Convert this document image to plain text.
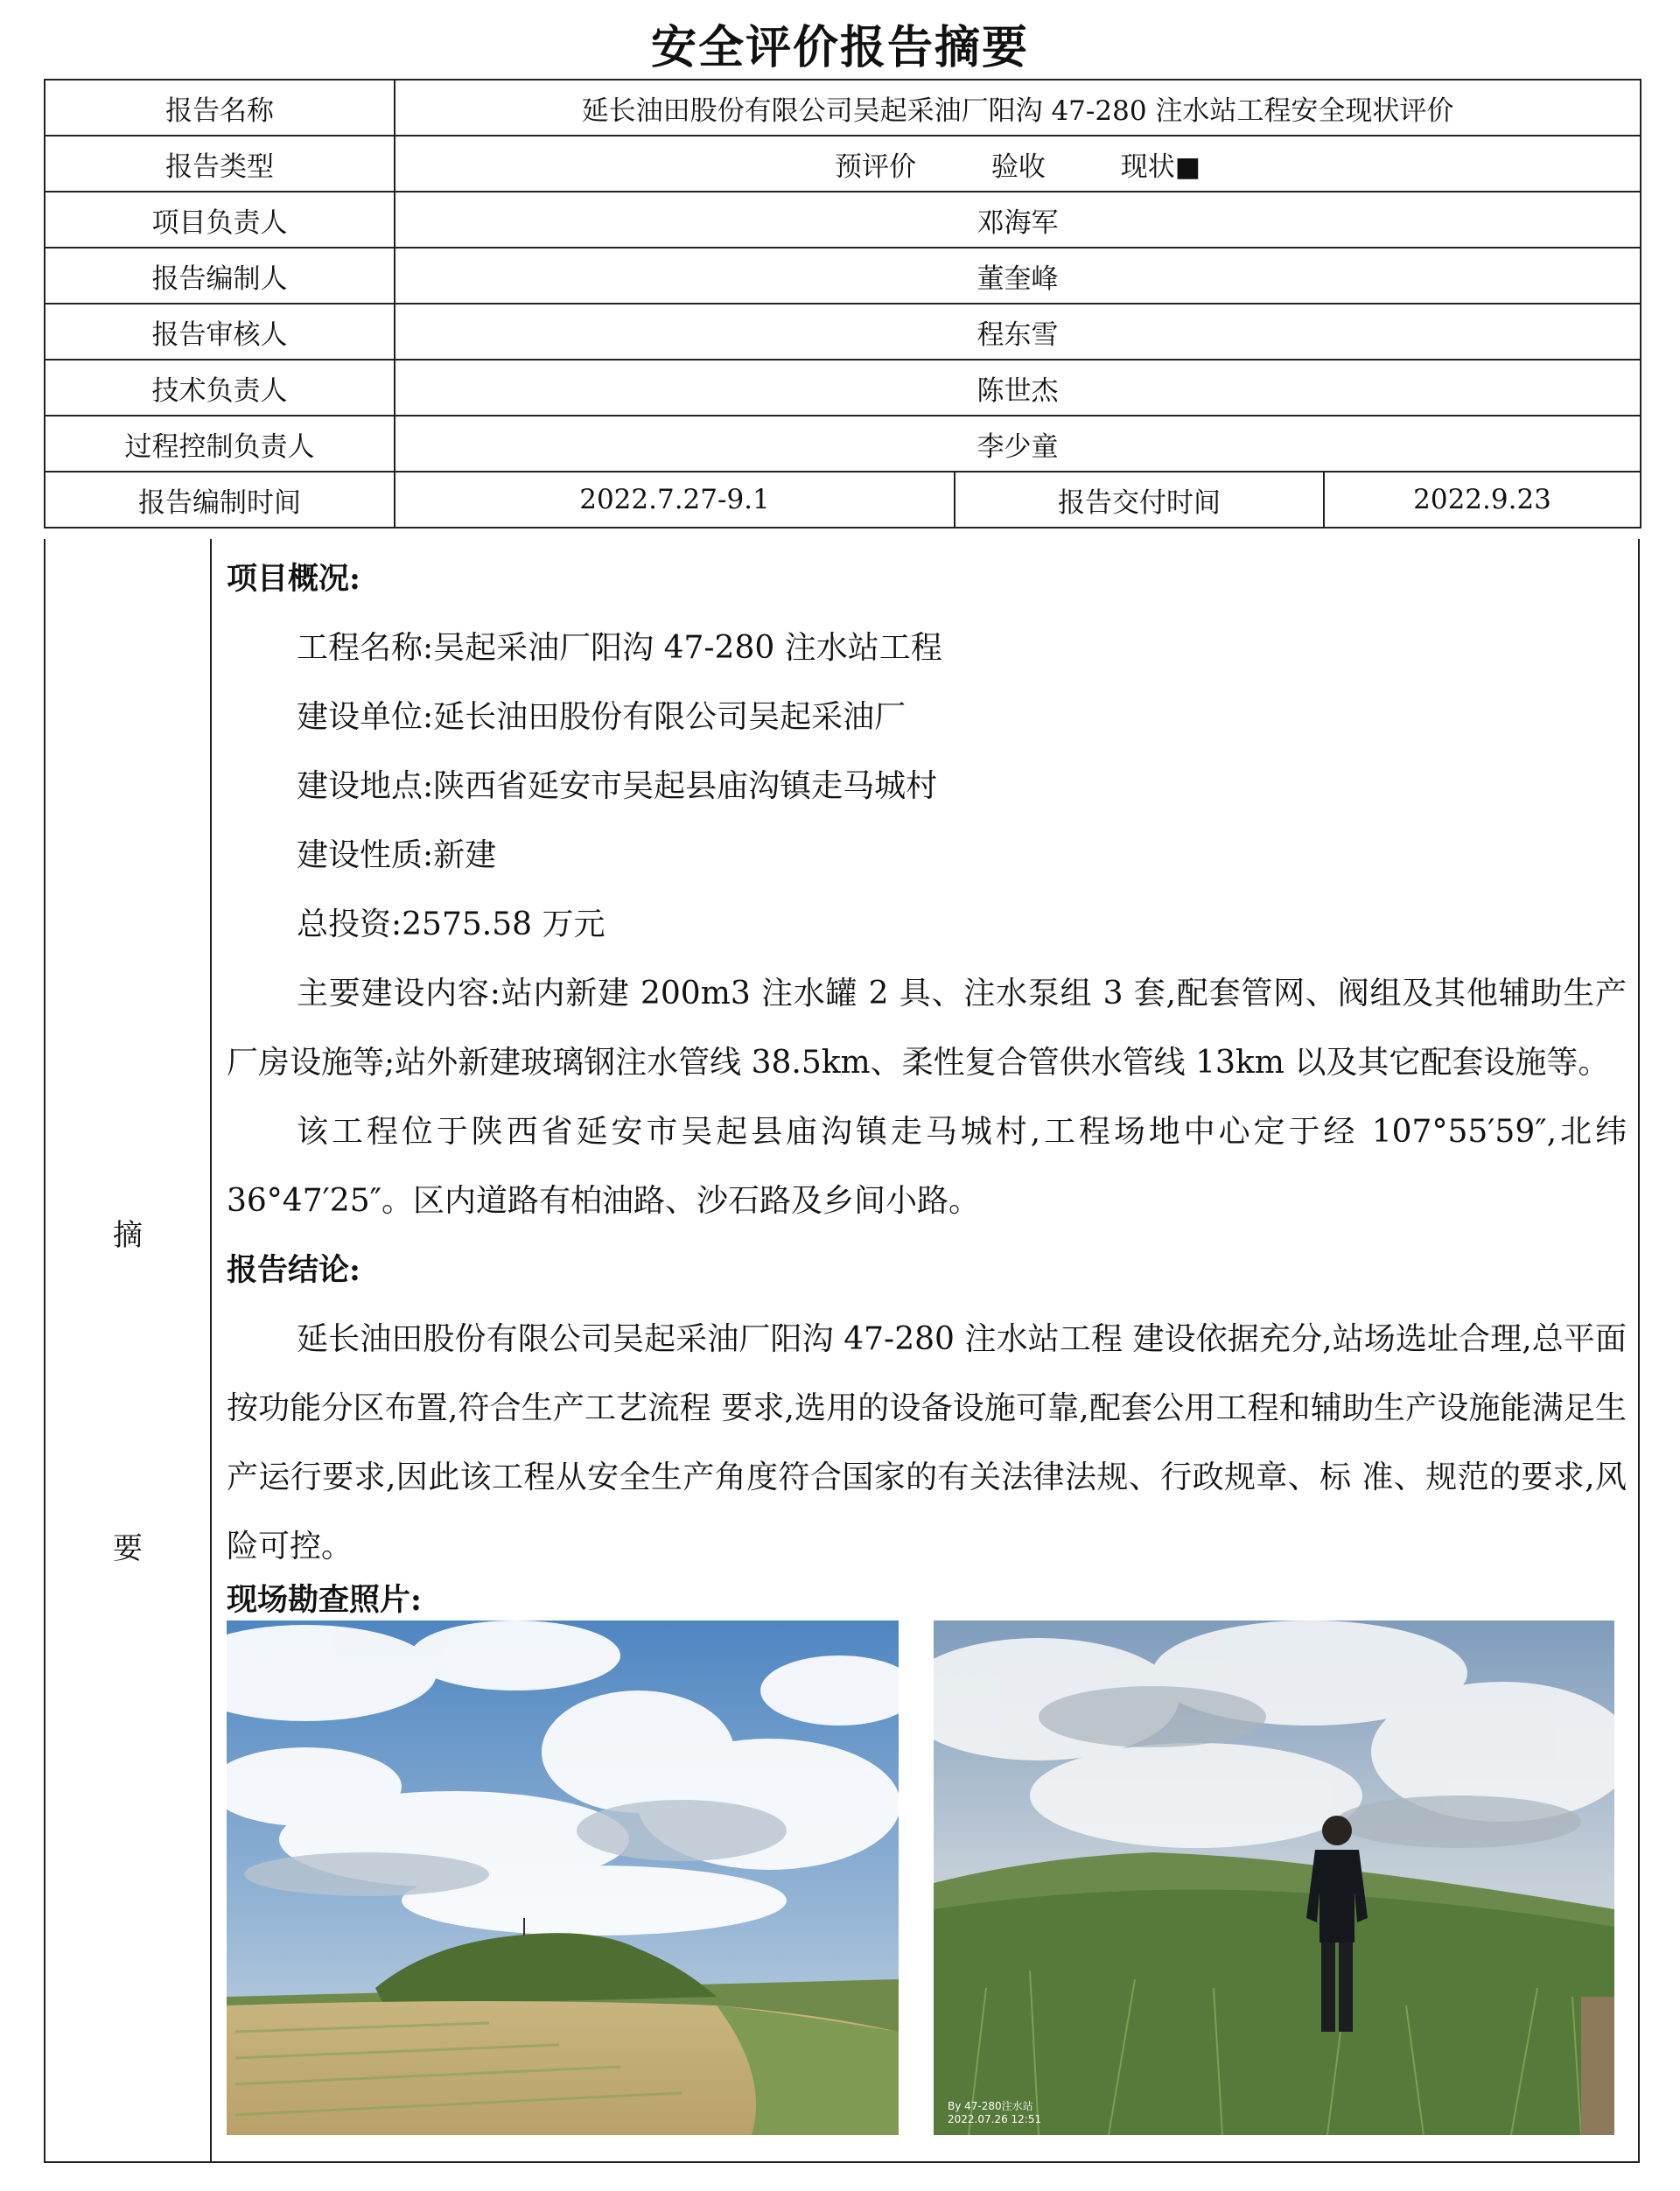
安全评价报告摘要
报告名称	延长油田股份有限公司吴起采油厂阳沟 47-280 注水站工程安全现状评价		
报告类型	预评价 验收 现状■		
项目负责人	邓海军		
报告编制人	董奎峰		
报告审核人	程东雪		
技术负责人	陈世杰		
过程控制负责人	李少童		
报告编制时间	2022.7.27-9.1	报告交付时间	2022.9.23
摘
要

项目概况:

工程名称:吴起采油厂阳沟 47-280 注水站工程

建设单位:延长油田股份有限公司吴起采油厂

建设地点:陕西省延安市吴起县庙沟镇走马城村

建设性质:新建

总投资:2575.58 万元

主要建设内容:站内新建 200m3 注水罐 2 具、注水泵组 3 套,配套管网、阀组及其他辅助生产厂房设施等;站外新建玻璃钢注水管线 38.5km、柔性复合管供水管线 13km 以及其它配套设施等。

该工程位于陕西省延安市吴起县庙沟镇走马城村,工程场地中心定于经 107°55′59″,北纬 36°47′25″。区内道路有柏油路、沙石路及乡间小路。

报告结论:

延长油田股份有限公司吴起采油厂阳沟 47-280 注水站工程 建设依据充分,站场选址合理,总平面按功能分区布置,符合生产工艺流程 要求,选用的设备设施可靠,配套公用工程和辅助生产设施能满足生产运行要求,因此该工程从安全生产角度符合国家的有关法律法规、行政规章、标 准、规范的要求,风险可控。

现场勘查照片:

By 47-280注水站
2022.07.26 12:51
